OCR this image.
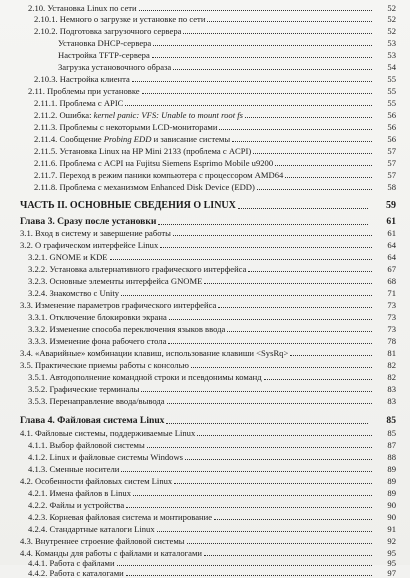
2.10. Установка Linux по сети	52
2.10.1. Немного о загрузке и установке по сети	52
2.10.2. Подготовка загрузочного сервера	52
Установка DHCP-сервера	53
Настройка TFTP-сервера	53
Загрузка установочного образа	54
2.10.3. Настройка клиента	55
2.11. Проблемы при установке	55
2.11.1. Проблема с APIC	55
2.11.2. Ошибка: kernel panic: VFS: Unable to mount root fs	56
2.11.3. Проблемы с некоторыми LCD-мониторами	56
2.11.4. Сообщение Probing EDD и зависание системы	56
2.11.5. Установка Linux на HP Mini 2133 (проблема с ACPI)	57
2.11.6. Проблема с ACPI на Fujitsu Siemens Esprimo Mobile u9200	57
2.11.7. Переход в режим паники компьютера с процессором AMD64	57
2.11.8. Проблема с механизмом Enhanced Disk Device (EDD)	58
ЧАСТЬ II. ОСНОВНЫЕ СВЕДЕНИЯ О LINUX	59
Глава 3. Сразу после установки	61
3.1. Вход в систему и завершение работы	61
3.2. О графическом интерфейсе Linux	64
3.2.1. GNOME и KDE	64
3.2.2. Установка альтернативного графического интерфейса	67
3.2.3. Основные элементы интерфейса GNOME	68
3.2.4. Знакомство с Unity	71
3.3. Изменение параметров графического интерфейса	73
3.3.1. Отключение блокировки экрана	73
3.3.2. Изменение способа переключения языков ввода	73
3.3.3. Изменение фона рабочего стола	78
3.4. «Аварийные» комбинации клавиш, использование клавиши <SysRq>	81
3.5. Практические приемы работы с консолью	82
3.5.1. Автодополнение командной строки и псевдонимы команд	82
3.5.2. Графические терминалы	83
3.5.3. Перенаправление ввода/вывода	83
Глава 4. Файловая система Linux	85
4.1. Файловые системы, поддерживаемые Linux	85
4.1.1. Выбор файловой системы	87
4.1.2. Linux и файловые системы Windows	88
4.1.3. Сменные носители	89
4.2. Особенности файловых систем Linux	89
4.2.1. Имена файлов в Linux	89
4.2.2. Файлы и устройства	90
4.2.3. Корневая файловая система и монтирование	90
4.2.4. Стандартные каталоги Linux	91
4.3. Внутреннее строение файловой системы	92
4.4. Команды для работы с файлами и каталогами	95
4.4.1. Работа с файлами	95
4.4.2. Работа с каталогами	97
